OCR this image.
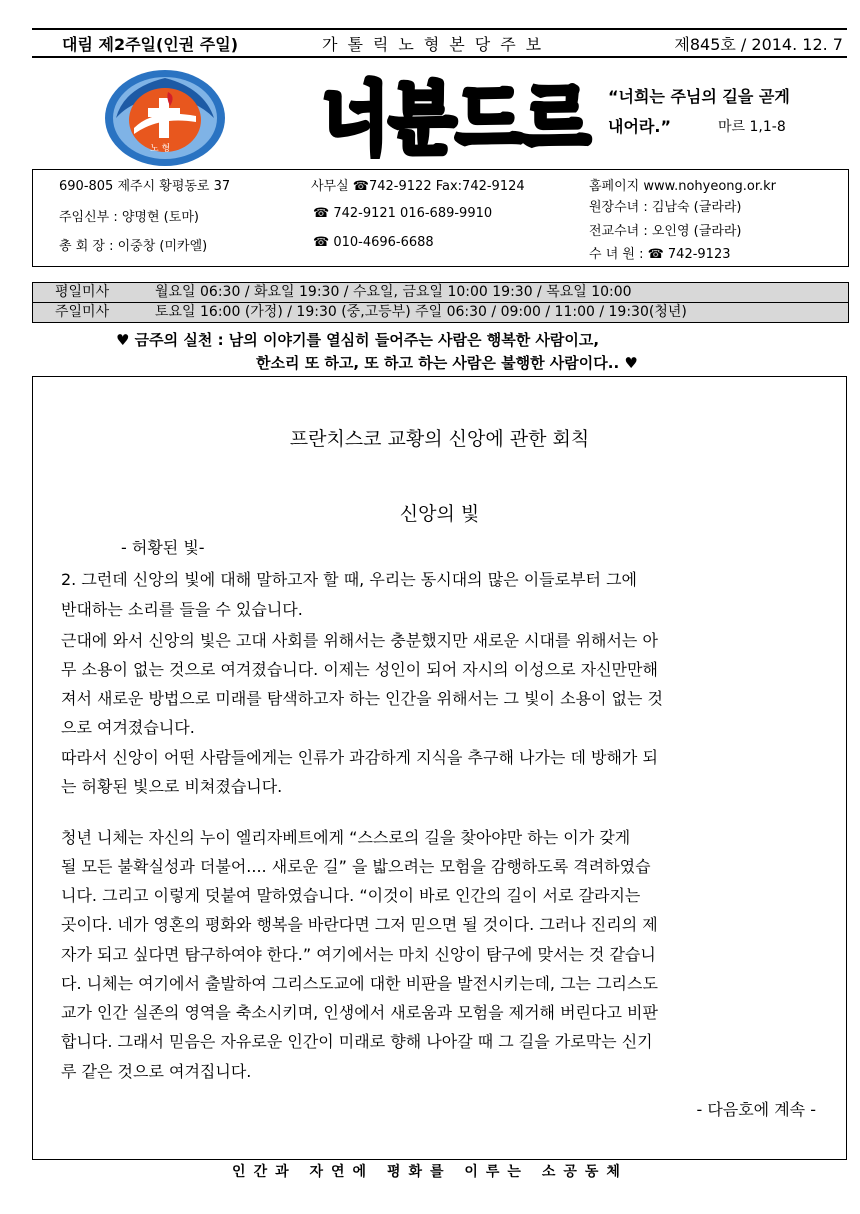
대림 제2주일(인권 주일)	가톨릭노형본당주보	제845호 / 2014. 12. 7
노 형 너분드르 “너희는 주님의 길을 곧게
내어라.”	마르 1,1-8
690-805 제주시 황평동로 37	사무실 ☎742-9122 Fax:742-9124	홈페이지 www.nohyeong.or.kr
주임신부 : 양명현 (토마)	☎ 742-9121 016-689-9910	원장수녀 : 김남숙 (글라라)
전교수녀 : 오인영 (글라라)
총 회 장 : 이중창 (미카엘)	☎ 010-4696-6688
수 녀 원 : ☎ 742-9123
평일미사	월요일 06:30 / 화요일 19:30 / 수요일, 금요일 10:00 19:30 / 목요일 10:00
주일미사	토요일 16:00 (가정) / 19:30 (중,고등부) 주일 06:30 / 09:00 / 11:00 / 19:30(청년)
♥ 금주의 실천 : 남의 이야기를 열심히 들어주는 사람은 행복한 사람이고,
한소리 또 하고, 또 하고 하는 사람은 불행한 사람이다.. ♥
프란치스코 교황의 신앙에 관한 회칙
신앙의 빛
- 허황된 빛-
2. 그런데 신앙의 빛에 대해 말하고자 할 때, 우리는 동시대의 많은 이들로부터 그에
반대하는 소리를 들을 수 있습니다.
근대에 와서 신앙의 빛은 고대 사회를 위해서는 충분했지만 새로운 시대를 위해서는 아
무 소용이 없는 것으로 여겨졌습니다. 이제는 성인이 되어 자시의 이성으로 자신만만해
져서 새로운 방법으로 미래를 탐색하고자 하는 인간을 위해서는 그 빛이 소용이 없는 것
으로 여겨졌습니다.
따라서 신앙이 어떤 사람들에게는 인류가 과감하게 지식을 추구해 나가는 데 방해가 되
는 허황된 빛으로 비쳐졌습니다.
청년 니체는 자신의 누이 엘리자베트에게 “스스로의 길을 찾아야만 하는 이가 갖게
될 모든 불확실성과 더불어.... 새로운 길” 을 밟으려는 모험을 감행하도록 격려하였습
니다. 그리고 이렇게 덧붙여 말하였습니다. “이것이 바로 인간의 길이 서로 갈라지는
곳이다. 네가 영혼의 평화와 행복을 바란다면 그저 믿으면 될 것이다. 그러나 진리의 제
자가 되고 싶다면 탐구하여야 한다.” 여기에서는 마치 신앙이 탐구에 맞서는 것 같습니
다. 니체는 여기에서 출발하여 그리스도교에 대한 비판을 발전시키는데, 그는 그리스도
교가 인간 실존의 영역을 축소시키며, 인생에서 새로움과 모험을 제거해 버린다고 비판
합니다. 그래서 믿음은 자유로운 인간이 미래로 향해 나아갈 때 그 길을 가로막는 신기
루 같은 것으로 여겨집니다.
- 다음호에 계속 -
인간과 자연에 평화를 이루는 소공동체
